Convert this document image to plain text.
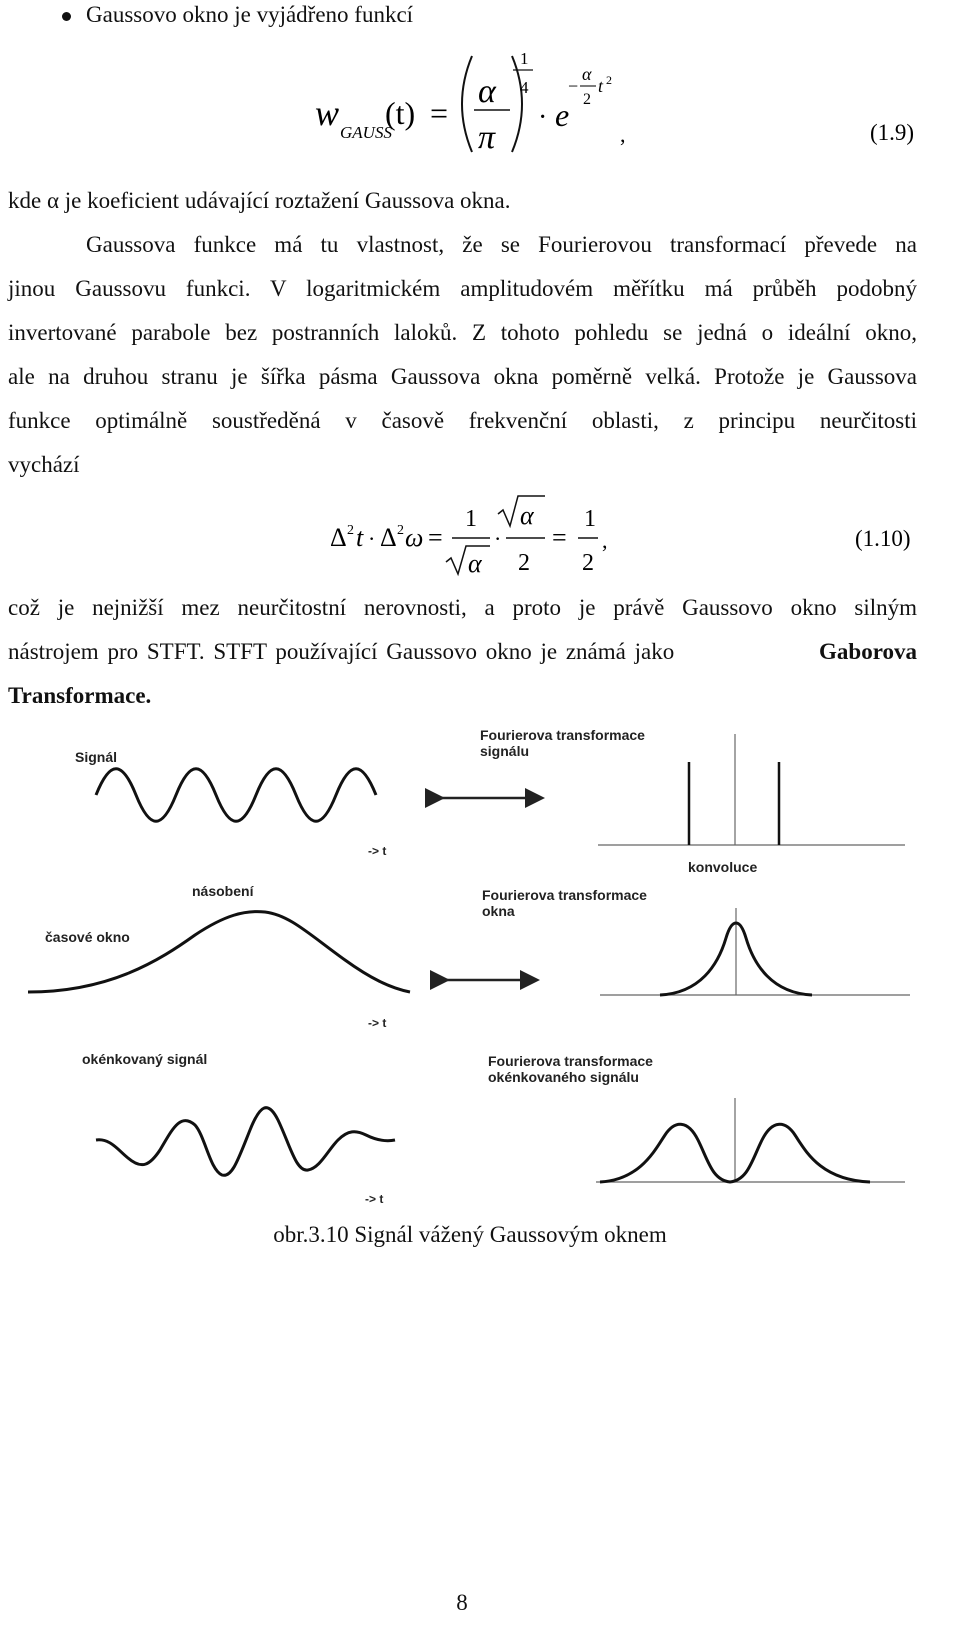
Gaussovo okno je vyjádřeno funkcí
w GAUSS
(t) =
α
π
1
4
· e
−
α
2
t 2
,	(1.9)
kde α je koeficient udávající roztažení Gaussova okna.
Gaussova funkce má tu vlastnost, že se Fourierovou transformací převede na
jinou Gaussovu funkci. V logaritmickém amplitudovém měřítku má průběh podobný
invertované parabole bez postranních laloků. Z tohoto pohledu se jedná o ideální okno,
ale na druhou stranu je šířka pásma Gaussova okna poměrně velká. Protože je Gaussova
funkce optimálně soustředěná v časově frekvenční oblasti, z principu neurčitosti
vychází
Δ 2 t · Δ 2 ω =
1
α
·
α
2
=
1
2
,	(1.10)
což je nejnižší mez neurčitostní nerovnosti, a proto je právě Gaussovo okno silným
nástrojem pro STFT. STFT používající Gaussovo okno je známá jako	Gaborova
Transformace.
Signál
Fourierova transformace
signálu
-> t
konvoluce
násobení	Fourierova transformace
okna
časové okno
-> t
okénkovaný signál	Fourierova transformace
okénkovaného signálu
-> t
obr.3.10 Signál vážený Gaussovým oknem
8
